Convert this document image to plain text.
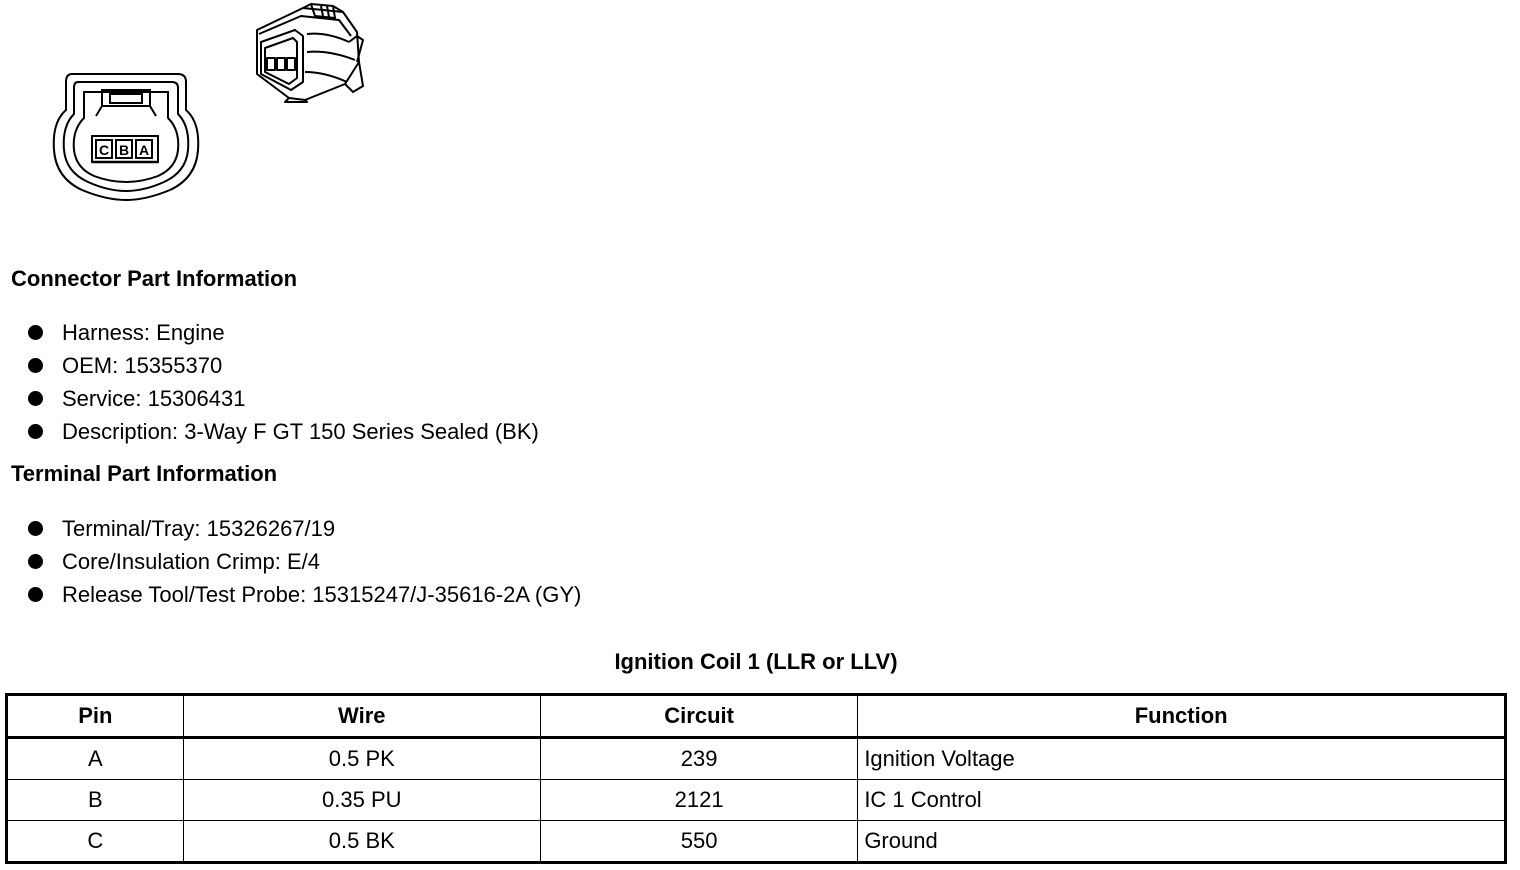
C B A
Connector Part Information
Harness: Engine
OEM: 15355370
Service: 15306431
Description: 3-Way F GT 150 Series Sealed (BK)
Terminal Part Information
Terminal/Tray: 15326267/19
Core/Insulation Crimp: E/4
Release Tool/Test Probe: 15315247/J-35616-2A (GY)
Ignition Coil 1 (LLR or LLV)
Pin	Wire	Circuit	Function
A	0.5 PK	239	Ignition Voltage
B	0.35 PU	2121	IC 1 Control
C	0.5 BK	550	Ground
